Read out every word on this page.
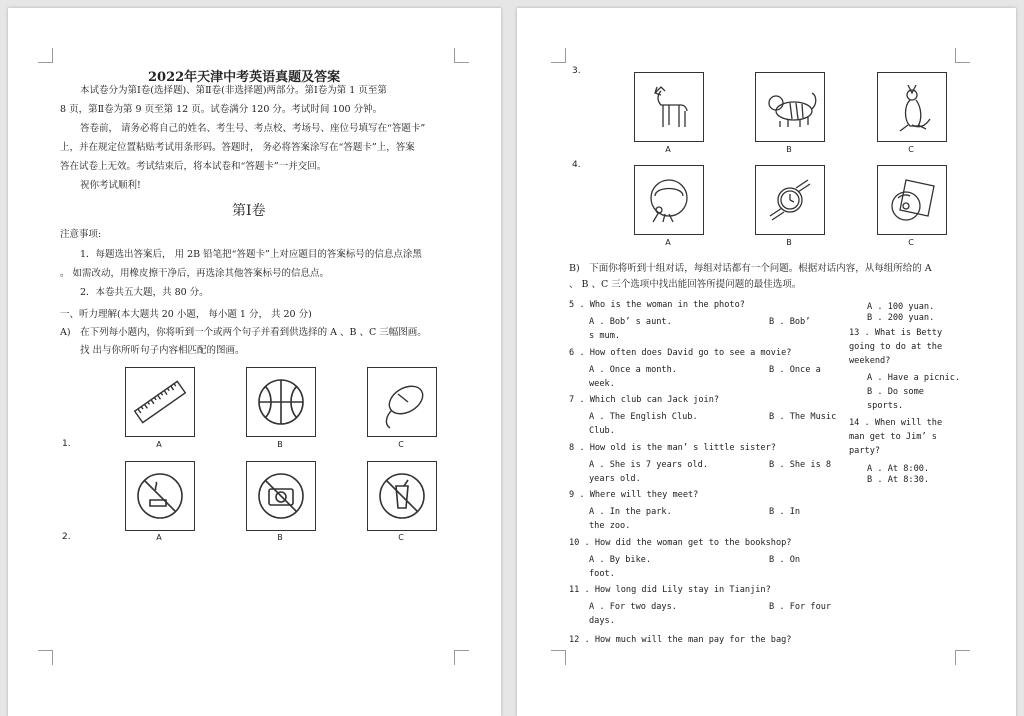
2022年天津中考英语真题及答案
本试卷分为第Ⅰ卷(选择题)、第Ⅱ卷(非选择题)两部分。第Ⅰ卷为第 1 页至第
8 页，第Ⅱ卷为第 9 页至第 12 页。试卷满分 120 分。考试时间 100 分钟。
答卷前， 请务必将自己的姓名、考生号、考点校、考场号、座位号填写在“答题卡”
上，并在规定位置粘贴考试用条形码。答题时， 务必将答案涂写在“答题卡”上，答案
答在试卷上无效。考试结束后，将本试卷和“答题卡”一并交回。
祝你考试顺利!
第Ⅰ卷
注意事项:
1．每题选出答案后， 用 2B 铅笔把“答题卡”上对应题目的答案标号的信息点涂黑
。 如需改动，用橡皮擦干净后，再选涂其他答案标号的信息点。
2．本卷共五大题，共 80 分。
一、听力理解(本大题共 20 小题， 每小题 1 分， 共 20 分)
A)　在下列每小题内，你将听到一个或两个句子并看到供选择的 A 、B 、C 三幅图画。
找 出与你所听句子内容相匹配的图画。
1.	A	B	C
2.	A	B	C
3.
A	B	C
4.
A	B	C
B)　下面你将听到十组对话，每组对话都有一个问题。根据对话内容，从每组所给的 A
、 B 、C 三个选项中找出能回答所提问题的最佳选项。
5 . Who is the woman in the photo?
A . Bob’ s aunt.	B . Bob’
s mum.
6 . How often does David go to see a movie?
A . Once a month.	B . Once a
week.
7 . Which club can Jack join?
A . The English Club.	B . The Music
Club.
8 . How old is the man’ s little sister?
A . She is 7 years old.	B . She is 8
years old.
9 . Where will they meet?
A . In the park.	B . In
the zoo.
10 . How did the woman get to the bookshop?
A . By bike.	B . On
foot.
11 . How long did Lily stay in Tianjin?
A . For two days.	B . For four
days.
12 . How much will the man pay for the bag?
A . 100 yuan.
B . 200 yuan.
13 . What is Betty
going to do at the
weekend?
A . Have a picnic.
B . Do some
sports.
14 . When will the
man get to Jim’ s
party?
A . At 8:00.
B . At 8:30.
